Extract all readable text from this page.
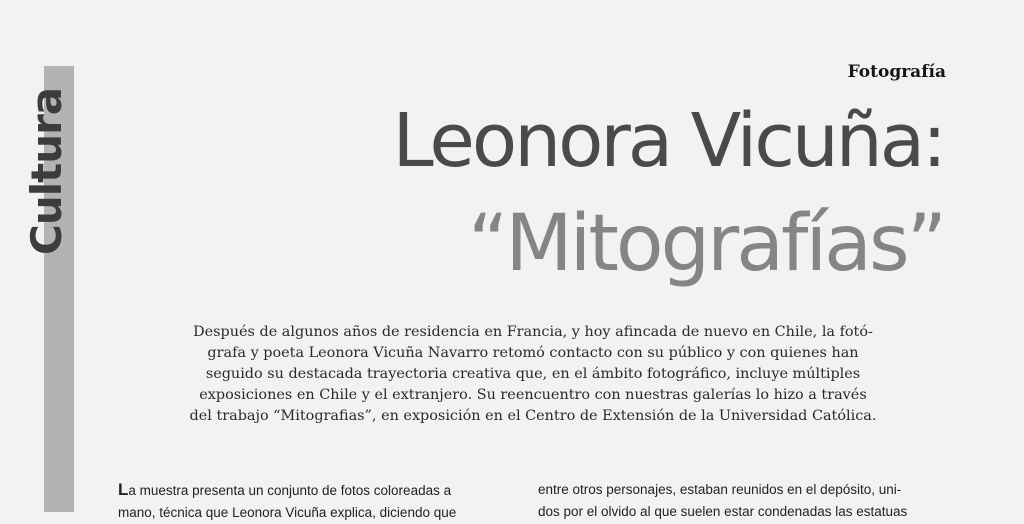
Cultura
Fotografía
Leonora Vicuña:
“Mitografías”

Después de algunos años de residencia en Francia, y hoy afincada de nuevo en Chile, la fotó-
grafa y poeta Leonora Vicuña Navarro retomó contacto con su público y con quienes han
seguido su destacada trayectoria creativa que, en el ámbito fotográfico, incluye múltiples
exposiciones en Chile y el extranjero. Su reencuentro con nuestras galerías lo hizo a través
del trabajo “Mitografias”, en exposición en el Centro de Extensión de la Universidad Católica.

La muestra presenta un conjunto de fotos coloreadas a
mano, técnica que Leonora Vicuña explica, diciendo que

entre otros personajes, estaban reunidos en el depósito, uni-
dos por el olvido al que suelen estar condenadas las estatuas
